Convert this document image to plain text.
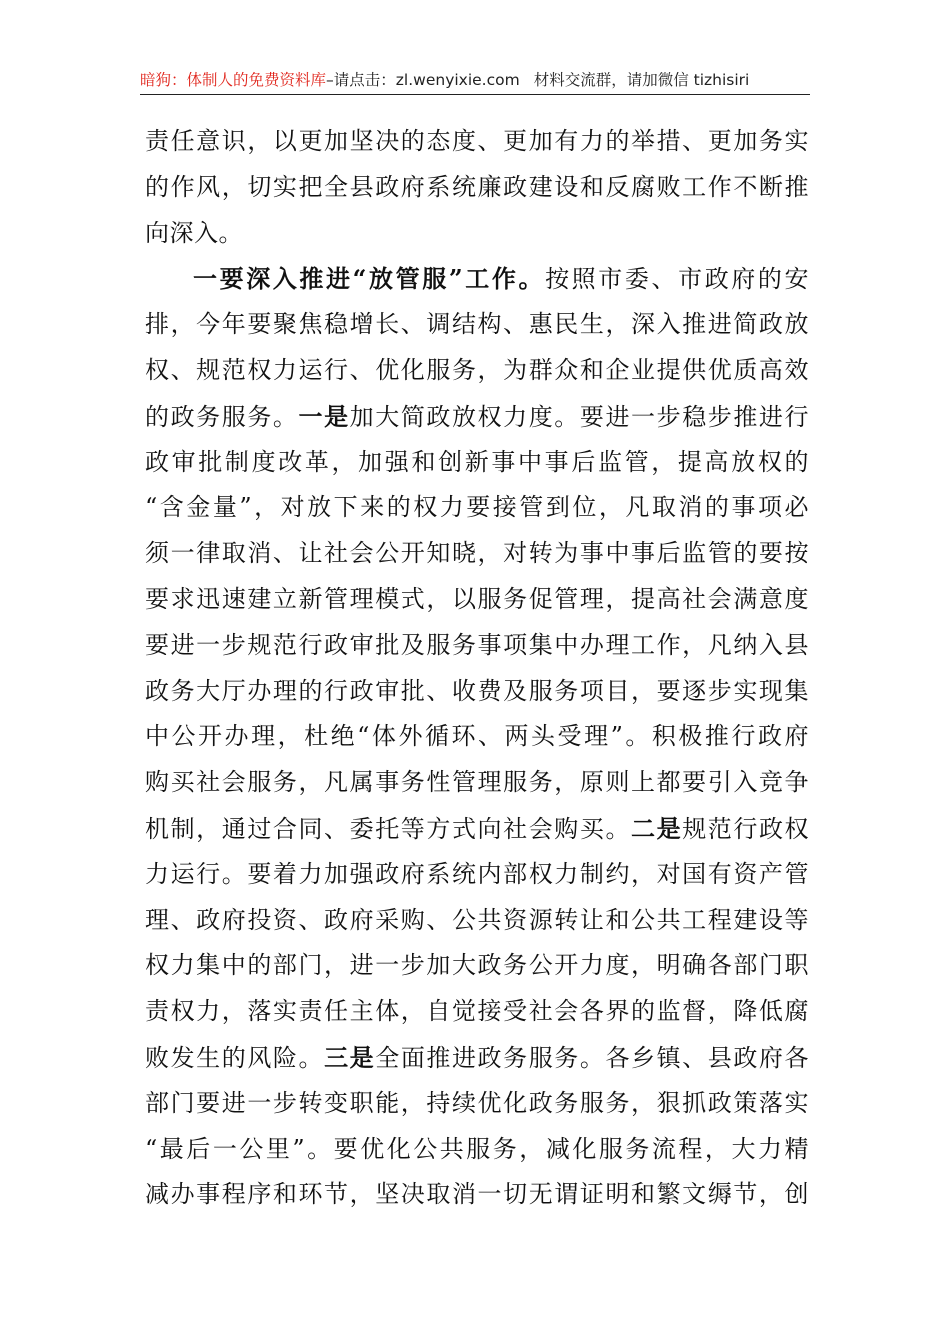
暗狗：体制人的免费资料库–请点击：zl.wenyixie.com 材料交流群，请加微信 tizhisiri
责任意识，以更加坚决的态度、更加有力的举措、更加务实
的作风，切实把全县政府系统廉政建设和反腐败工作不断推
向深入。
一要深入推进“放管服”工作。按照市委、市政府的安
排，今年要聚焦稳增长、调结构、惠民生，深入推进简政放
权、规范权力运行、优化服务，为群众和企业提供优质高效
的政务服务。一是加大简政放权力度。要进一步稳步推进行
政审批制度改革，加强和创新事中事后监管，提高放权的
“含金量”，对放下来的权力要接管到位，凡取消的事项必
须一律取消、让社会公开知晓，对转为事中事后监管的要按
要求迅速建立新管理模式，以服务促管理，提高社会满意度
要进一步规范行政审批及服务事项集中办理工作，凡纳入县
政务大厅办理的行政审批、收费及服务项目，要逐步实现集
中公开办理，杜绝“体外循环、两头受理”。积极推行政府
购买社会服务，凡属事务性管理服务，原则上都要引入竞争
机制，通过合同、委托等方式向社会购买。二是规范行政权
力运行。要着力加强政府系统内部权力制约，对国有资产管
理、政府投资、政府采购、公共资源转让和公共工程建设等
权力集中的部门，进一步加大政务公开力度，明确各部门职
责权力，落实责任主体，自觉接受社会各界的监督，降低腐
败发生的风险。三是全面推进政务服务。各乡镇、县政府各
部门要进一步转变职能，持续优化政务服务，狠抓政策落实
“最后一公里”。要优化公共服务，减化服务流程，大力精
减办事程序和环节，坚决取消一切无谓证明和繁文缛节，创
